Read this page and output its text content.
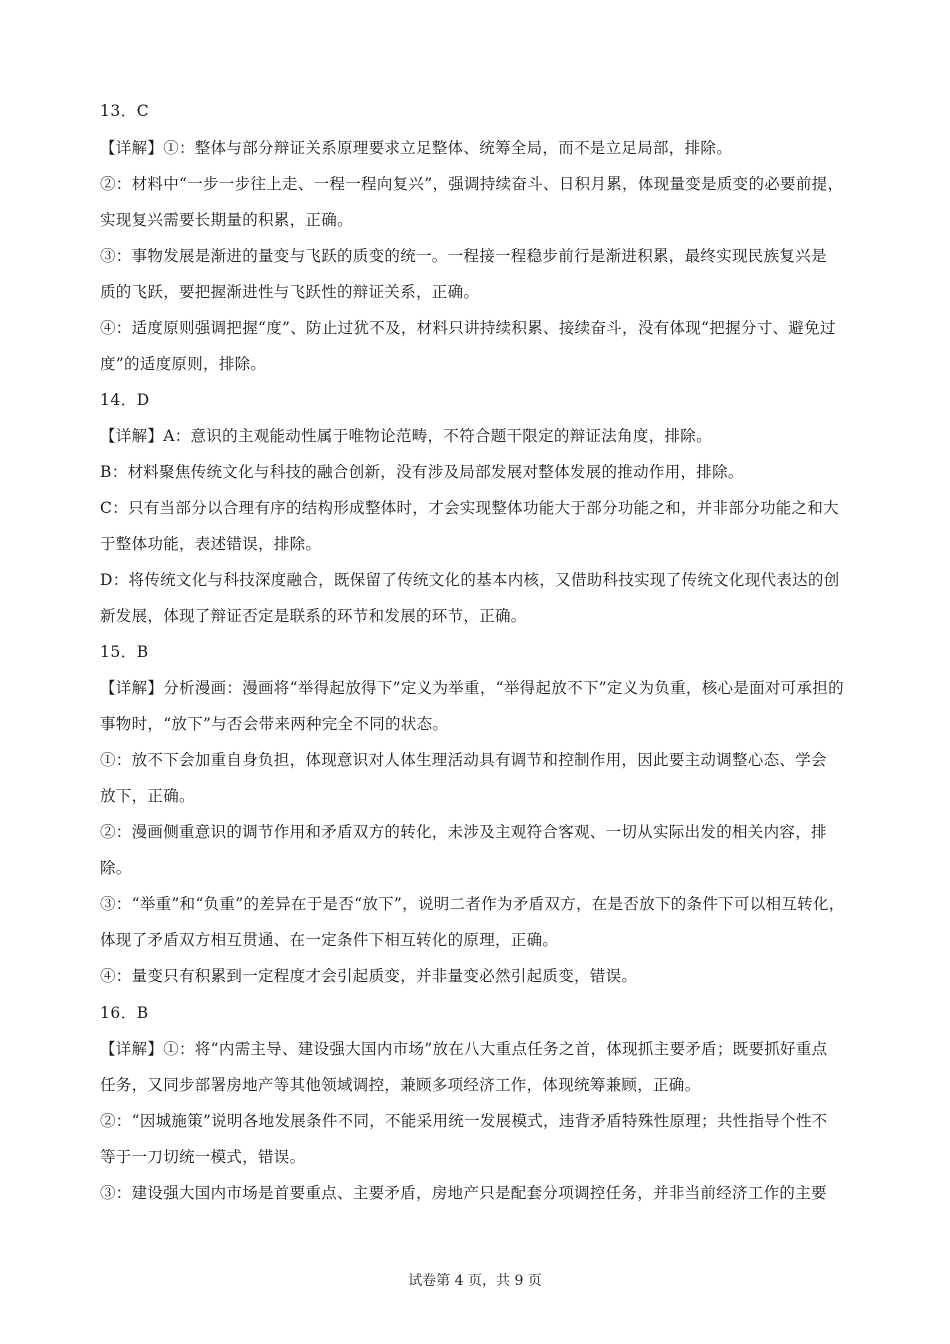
13．C
【详解】①：整体与部分辩证关系原理要求立足整体、统筹全局，而不是立足局部，排除。
②：材料中“一步一步往上走、一程一程向复兴”，强调持续奋斗、日积月累，体现量变是质变的必要前提，
实现复兴需要长期量的积累，正确。
③：事物发展是渐进的量变与飞跃的质变的统一。一程接一程稳步前行是渐进积累，最终实现民族复兴是
质的飞跃，要把握渐进性与飞跃性的辩证关系，正确。
④：适度原则强调把握“度”、防止过犹不及，材料只讲持续积累、接续奋斗，没有体现“把握分寸、避免过
度”的适度原则，排除。
14．D
【详解】A：意识的主观能动性属于唯物论范畴，不符合题干限定的辩证法角度，排除。
B：材料聚焦传统文化与科技的融合创新，没有涉及局部发展对整体发展的推动作用，排除。
C：只有当部分以合理有序的结构形成整体时，才会实现整体功能大于部分功能之和，并非部分功能之和大
于整体功能，表述错误，排除。
D：将传统文化与科技深度融合，既保留了传统文化的基本内核，又借助科技实现了传统文化现代表达的创
新发展，体现了辩证否定是联系的环节和发展的环节，正确。
15．B
【详解】分析漫画：漫画将“举得起放得下”定义为举重，“举得起放不下”定义为负重，核心是面对可承担的
事物时，“放下”与否会带来两种完全不同的状态。
①：放不下会加重自身负担，体现意识对人体生理活动具有调节和控制作用，因此要主动调整心态、学会
放下，正确。
②：漫画侧重意识的调节作用和矛盾双方的转化，未涉及主观符合客观、一切从实际出发的相关内容，排
除。
③：“举重”和“负重”的差异在于是否“放下”，说明二者作为矛盾双方，在是否放下的条件下可以相互转化，
体现了矛盾双方相互贯通、在一定条件下相互转化的原理，正确。
④：量变只有积累到一定程度才会引起质变，并非量变必然引起质变，错误。
16．B
【详解】①：将“内需主导、建设强大国内市场”放在八大重点任务之首，体现抓主要矛盾；既要抓好重点
任务，又同步部署房地产等其他领域调控，兼顾多项经济工作，体现统筹兼顾，正确。
②：“因城施策”说明各地发展条件不同，不能采用统一发展模式，违背矛盾特殊性原理；共性指导个性不
等于一刀切统一模式，错误。
③：建设强大国内市场是首要重点、主要矛盾，房地产只是配套分项调控任务，并非当前经济工作的主要
试卷第 4 页，共 9 页
